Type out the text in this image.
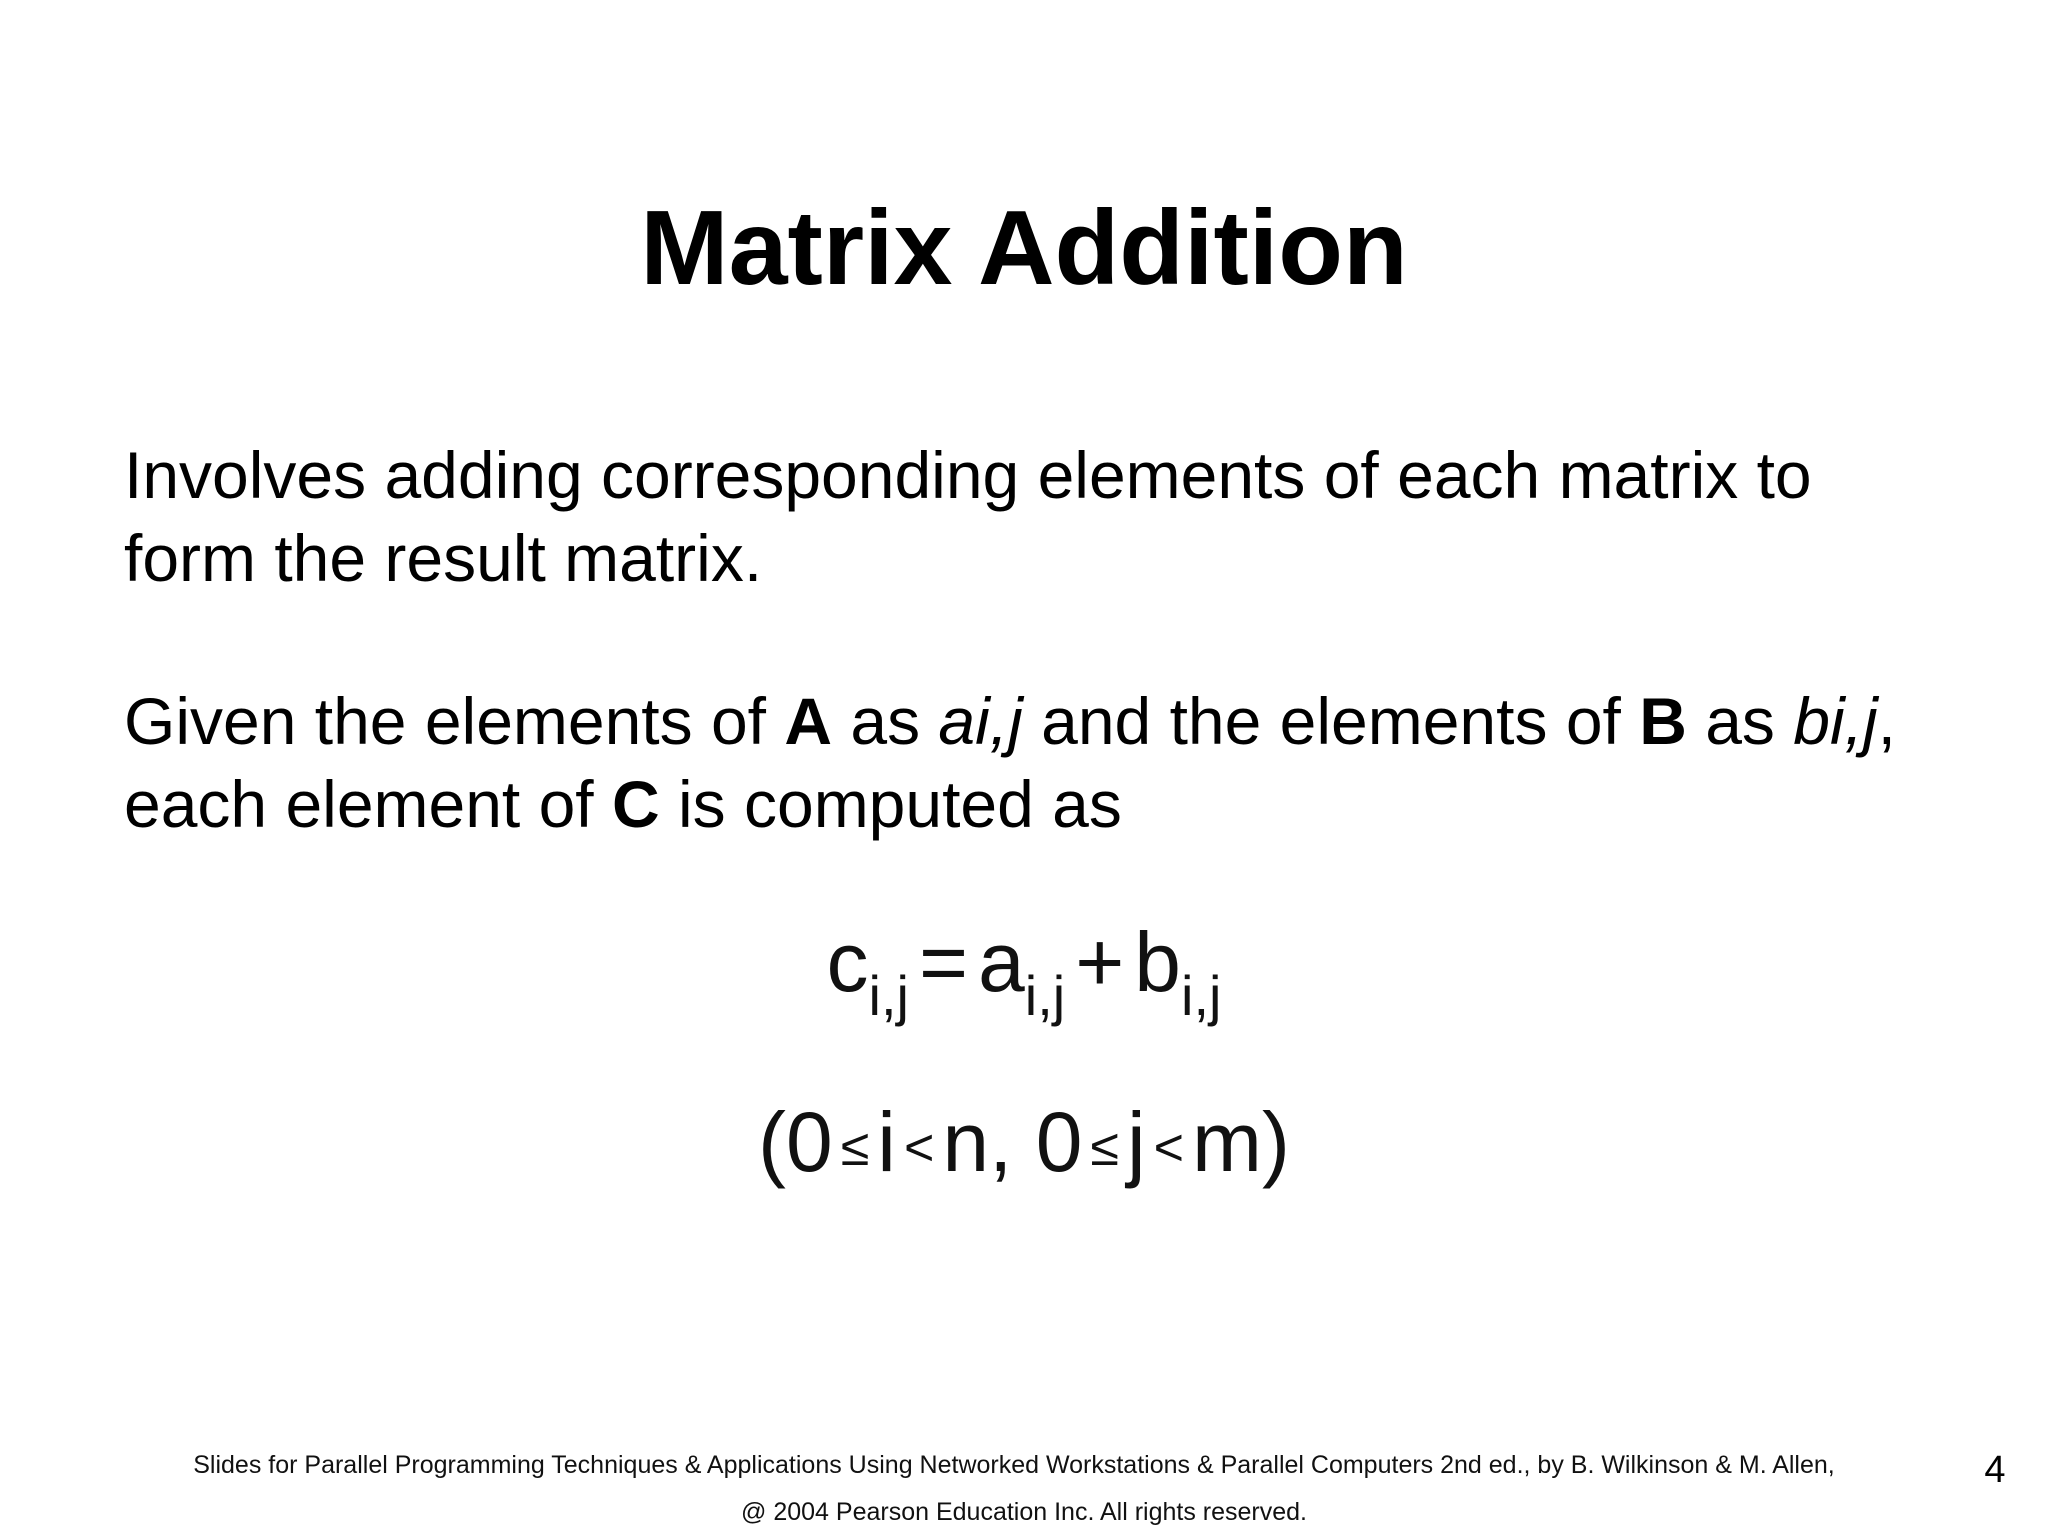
Matrix Addition

Involves adding corresponding elements of each matrix to form the result matrix.

Given the elements of A as ai,j and the elements of B as bi,j, each element of C is computed as

$c_{i,j} = a_{i,j} + b_{i,j}$
(0 ≤i <n, 0 ≤j <m)
Slides for Parallel Programming Techniques & Applications Using Networked Workstations & Parallel Computers 2nd ed., by B. Wilkinson & M. Allen,
@ 2004 Pearson Education Inc. All rights reserved.
4
